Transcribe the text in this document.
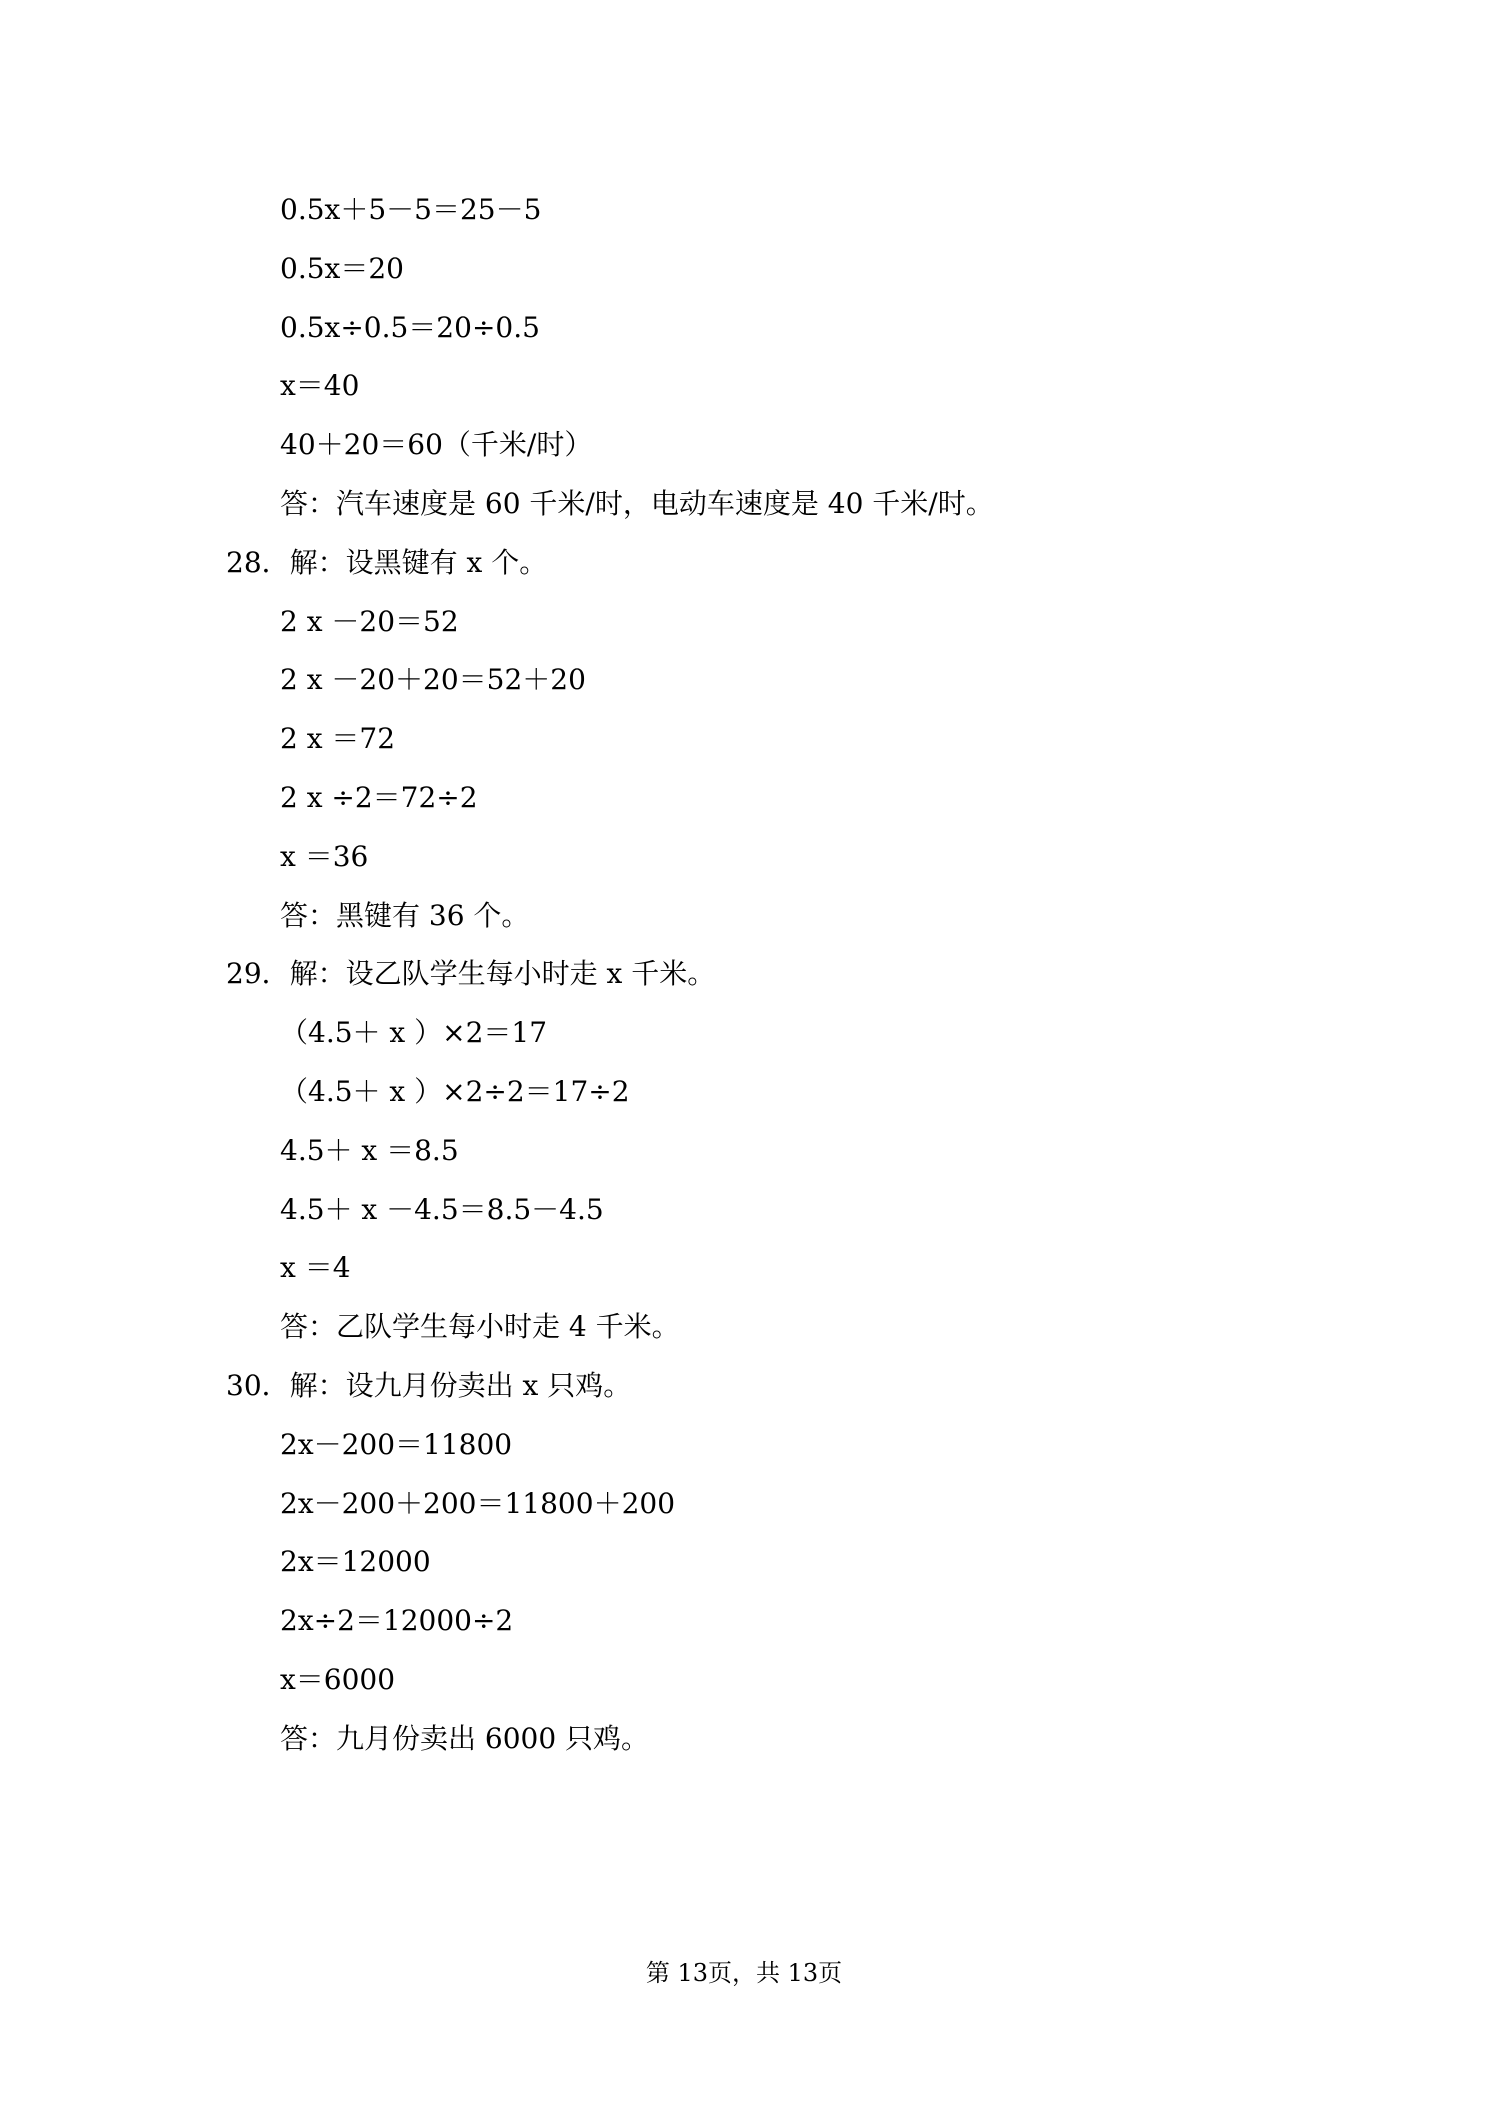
0.5x＋5－5＝25－5
0.5x＝20
0.5x÷0.5＝20÷0.5
x＝40
40＋20＝60（千米/时）
答：汽车速度是 60 千米/时，电动车速度是 40 千米/时。
28．解：设黑键有 x 个。
2 x －20＝52
2 x －20＋20＝52＋20
2 x ＝72
2 x ÷2＝72÷2
x ＝36
答：黑键有 36 个。
29．解：设乙队学生每小时走 x 千米。
（4.5＋ x ）×2＝17
（4.5＋ x ）×2÷2＝17÷2
4.5＋ x ＝8.5
4.5＋ x －4.5＝8.5－4.5
x ＝4
答：乙队学生每小时走 4 千米。
30．解：设九月份卖出 x 只鸡。
2x－200＝11800
2x－200＋200＝11800＋200
2x＝12000
2x÷2＝12000÷2
x＝6000
答：九月份卖出 6000 只鸡。
第 13页，共 13页
